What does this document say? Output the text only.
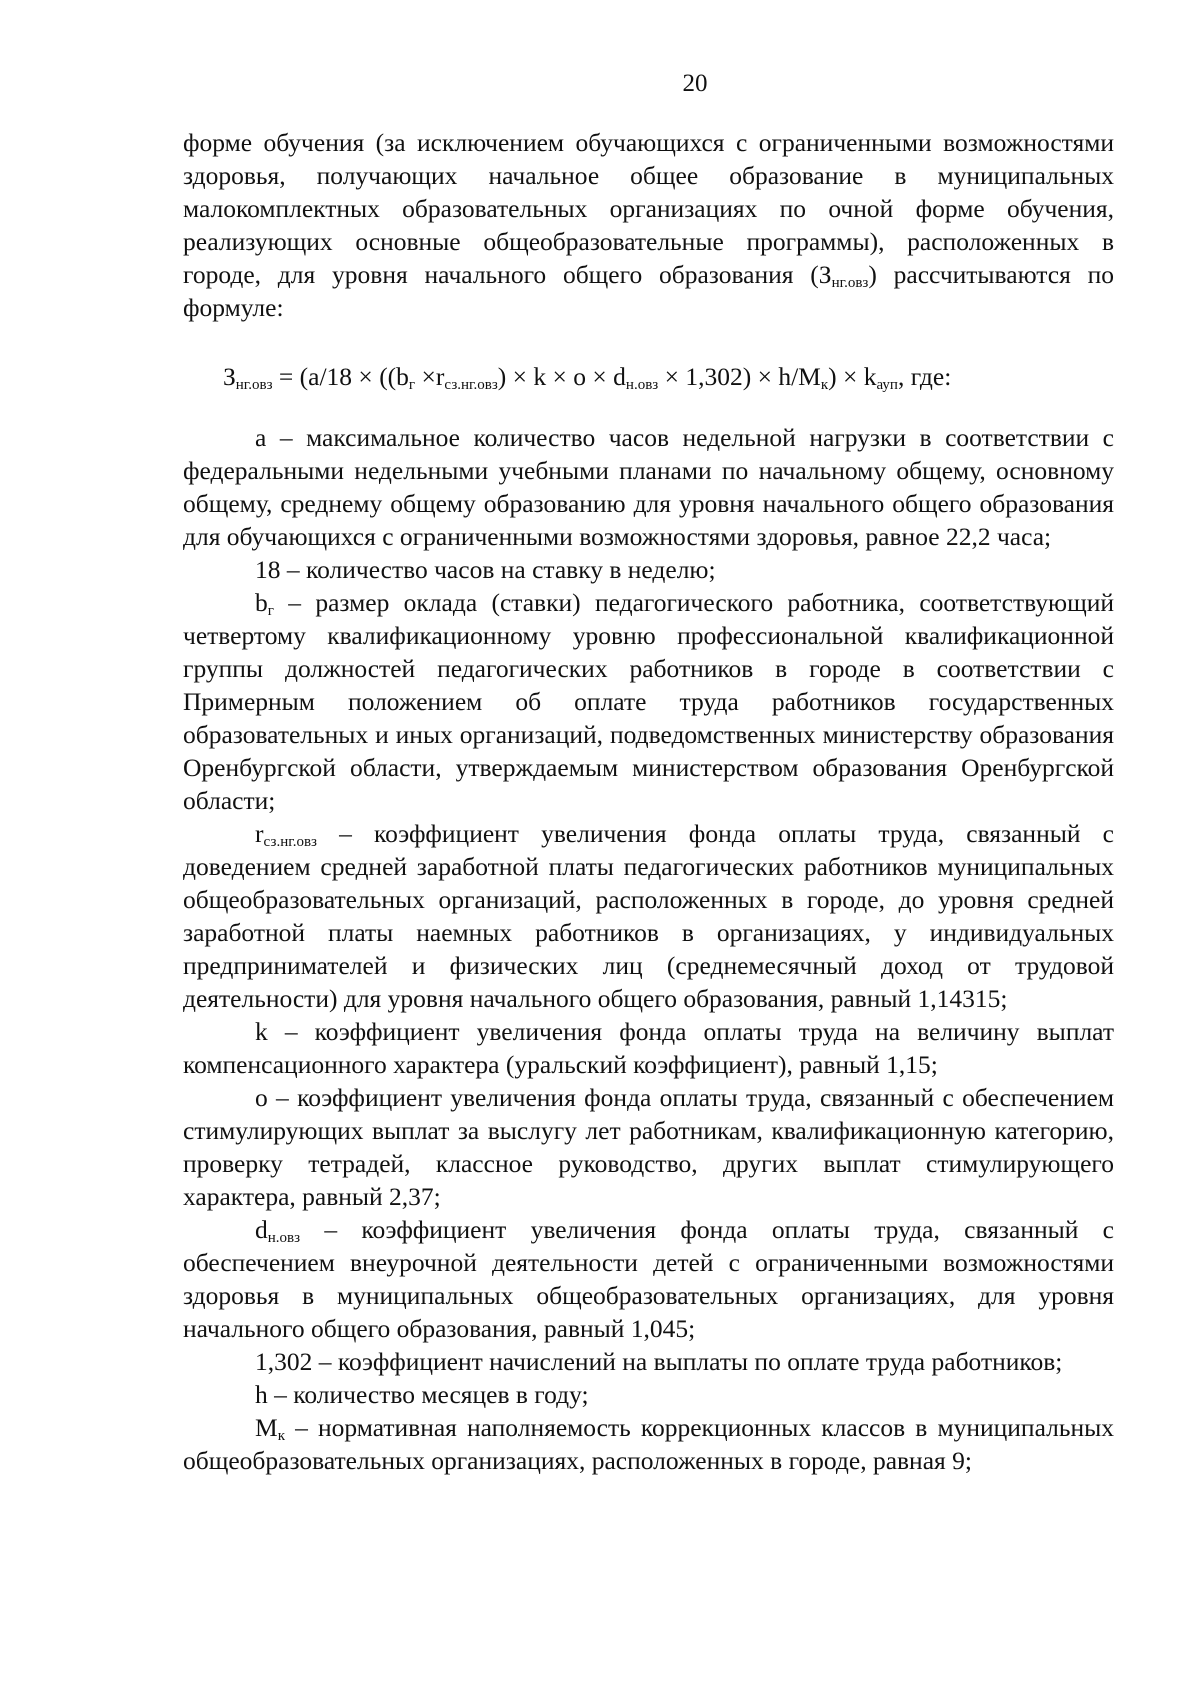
20

форме обучения (за исключением обучающихся с ограниченными возможностями здоровья, получающих начальное общее образование в муниципальных малокомплектных образовательных организациях по очной форме обучения, реализующих основные общеобразовательные программы), расположенных в городе, для уровня начального общего образования $(З_{нг.овз})$ рассчитываются по формуле:

$З_{нг.овз} = (a/18 \times ((b_г \times r_{сз.нг.овз}) \times k \times o \times d_{н.овз} \times 1,302) \times h/M_к) \times k_{ауп}$, где:

a – максимальное количество часов недельной нагрузки в соответствии с федеральными недельными учебными планами по начальному общему, основному общему, среднему общему образованию для уровня начального общего образования для обучающихся с ограниченными возможностями здоровья, равное 22,2 часа;

18 – количество часов на ставку в неделю;

$b_г$ – размер оклада (ставки) педагогического работника, соответствующий четвертому квалификационному уровню профессиональной квалификационной группы должностей педагогических работников в городе в соответствии с Примерным положением об оплате труда работников государственных образовательных и иных организаций, подведомственных министерству образования Оренбургской области, утверждаемым министерством образования Оренбургской области;

$r_{сз.нг.овз}$ – коэффициент увеличения фонда оплаты труда, связанный с доведением средней заработной платы педагогических работников муниципальных общеобразовательных организаций, расположенных в городе, до уровня средней заработной платы наемных работников в организациях, у индивидуальных предпринимателей и физических лиц (среднемесячный доход от трудовой деятельности) для уровня начального общего образования, равный 1,14315;

k – коэффициент увеличения фонда оплаты труда на величину выплат компенсационного характера (уральский коэффициент), равный 1,15;

o – коэффициент увеличения фонда оплаты труда, связанный с обеспечением стимулирующих выплат за выслугу лет работникам, квалификационную категорию, проверку тетрадей, классное руководство, других выплат стимулирующего характера, равный 2,37;

$d_{н.овз}$ – коэффициент увеличения фонда оплаты труда, связанный с обеспечением внеурочной деятельности детей с ограниченными возможностями здоровья в муниципальных общеобразовательных организациях, для уровня начального общего образования, равный 1,045;

1,302 – коэффициент начислений на выплаты по оплате труда работников;

h – количество месяцев в году;

$M_к$ – нормативная наполняемость коррекционных классов в муниципальных общеобразовательных организациях, расположенных в городе, равная 9;
